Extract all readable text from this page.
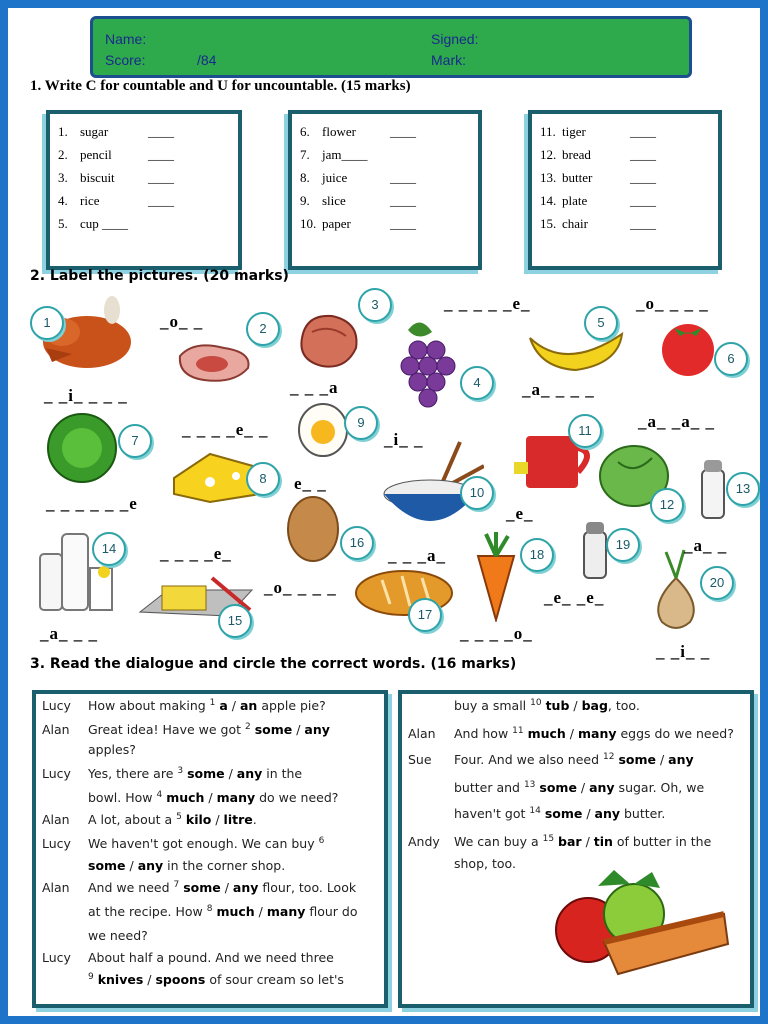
Name:
Score:	/84
Signed:
Mark:
1. Write C for countable and U for uncountable. (15 marks)
1. sugar	____
2. pencil	____
3. biscuit	____
4. rice	____
5. cup ____
6. flower	____
7. jam____
8. juice	____
9. slice	____
10. paper	____
11. tiger	____
12. bread	____
13. butter	____
14. plate	____
15. chair	____
2. Label the pictures. (20 marks)
_ _ _ _ _e_
_o_ _
_o_ _ _ _
_ _ _a	_a_ _ _ _
_ _i_ _ _ _
_ _ _ _e_ _
_i_ _
_a_ _a_ _
e_ _
_ _ _ _ _ _e
_e_
_ _ _ _e_	_ _ _a_
_a_ _
_o_ _ _ _
_e_ _e_
_a_ _ _	_ _ _ _o_
_ _i_ _
1	2
3
4
5
6
7
8
9
10
11
12
13
14
15
16
17
18
19
20
3. Read the dialogue and circle the correct words. (16 marks)
Lucy How about making $^1$ a / an apple pie?
Alan Great idea! Have we got $^2$ some / any
apples?
Lucy Yes, there are $^3$ some / any in the
bowl. How $^4$ much / many do we need?
Alan A lot, about a $^5$ kilo / litre.
Lucy We haven't got enough. We can buy $^6$
some / any in the corner shop.
Alan And we need $^7$ some / any flour, too. Look
at the recipe. How $^8$ much / many flour do
we need?
Lucy About half a pound. And we need three
$^9$ knives / spoons of sour cream so let's
buy a small $^{10}$ tub / bag, too.
Alan And how $^{11}$ much / many eggs do we need?
Sue Four. And we also need $^{12}$ some / any
butter and $^{13}$ some / any sugar. Oh, we
haven't got $^{14}$ some / any butter.
Andy We can buy a $^{15}$ bar / tin of butter in the
shop, too.
